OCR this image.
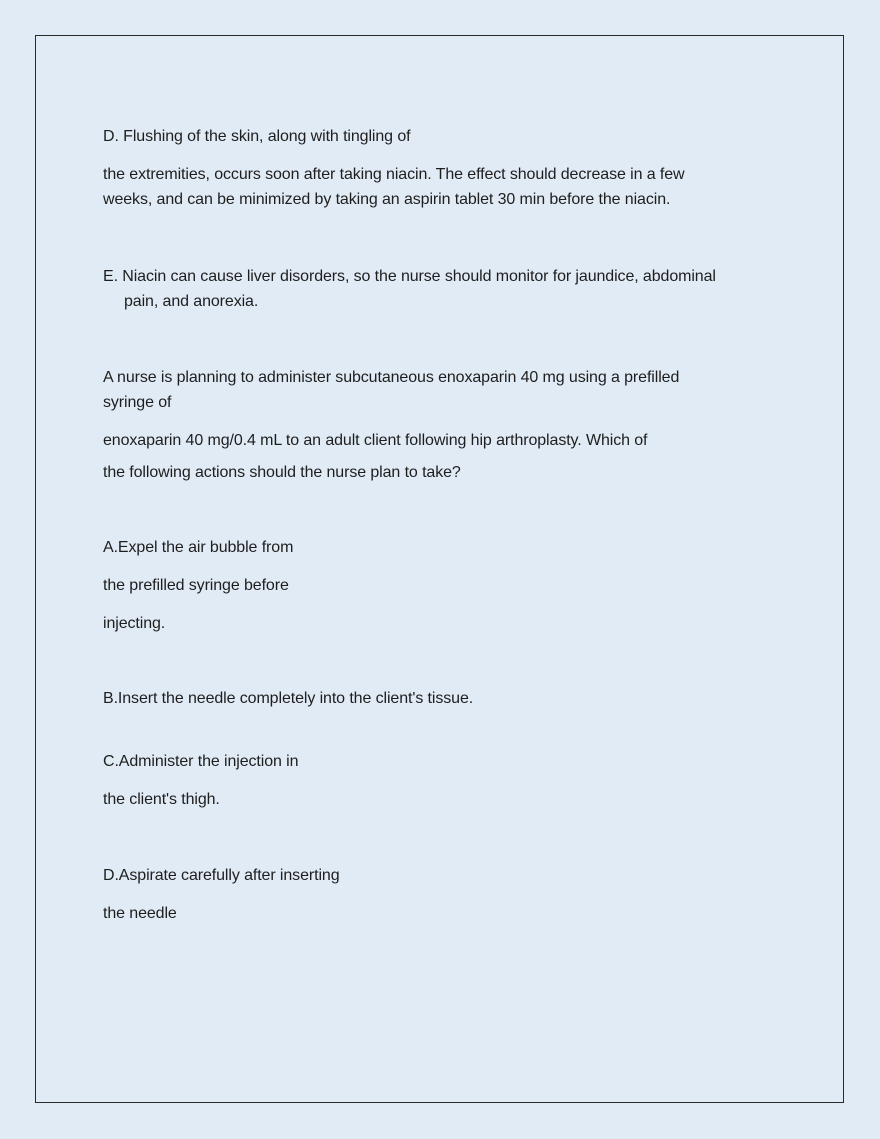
D. Flushing of the skin, along with tingling of
the extremities, occurs soon after taking niacin. The effect should decrease in a few
weeks, and can be minimized by taking an aspirin tablet 30 min before the niacin.
E. Niacin can cause liver disorders, so the nurse should monitor for jaundice, abdominal
pain, and anorexia.
A nurse is planning to administer subcutaneous enoxaparin 40 mg using a prefilled
syringe of
enoxaparin 40 mg/0.4 mL to an adult client following hip arthroplasty. Which of
the following actions should the nurse plan to take?
A.Expel the air bubble from
the prefilled syringe before
injecting.
B.Insert the needle completely into the client's tissue.
C.Administer the injection in
the client's thigh.
D.Aspirate carefully after inserting
the needle
